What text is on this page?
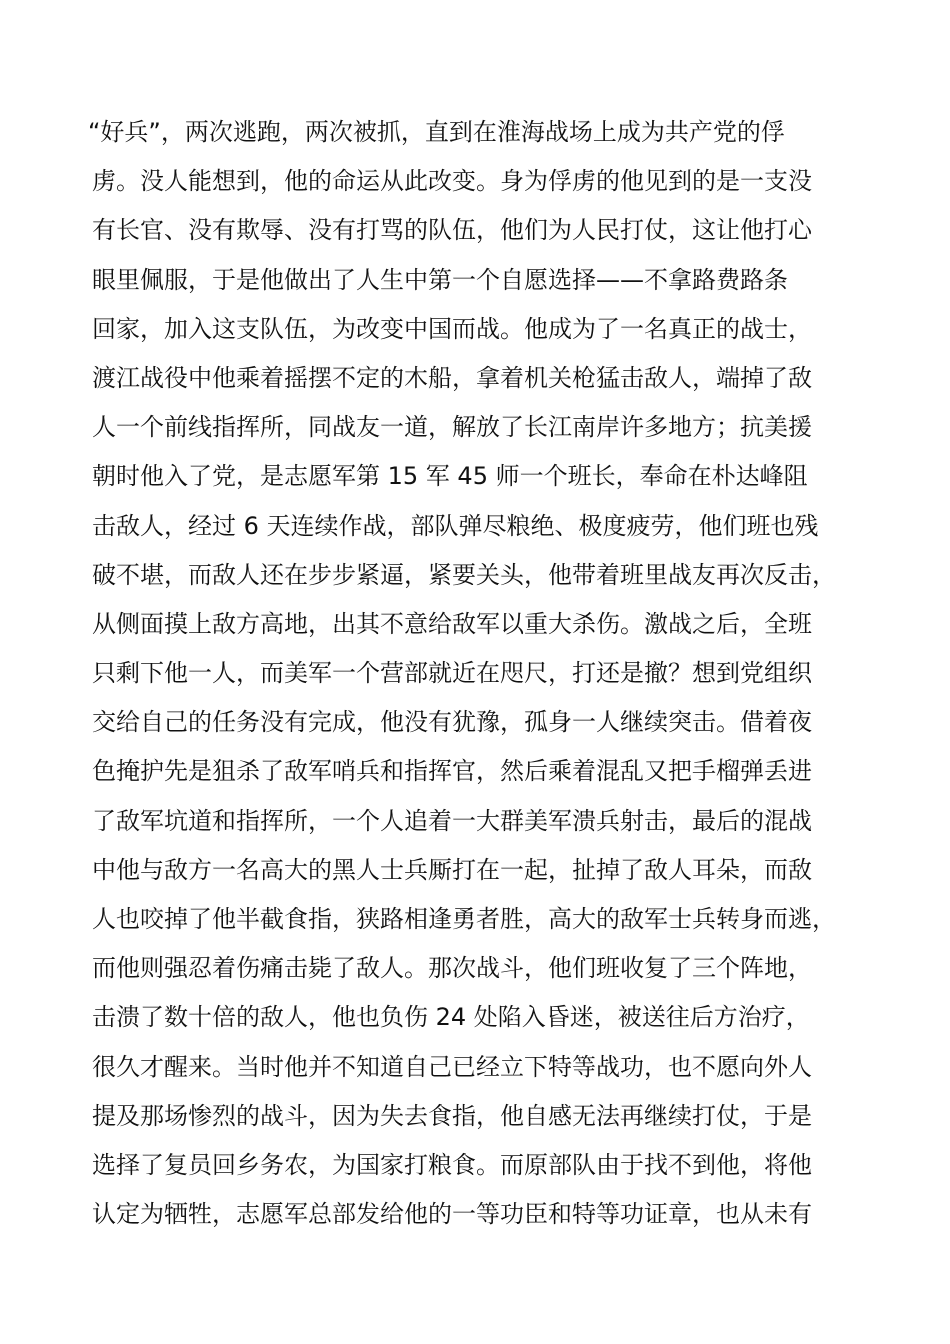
“好兵”，两次逃跑，两次被抓，直到在淮海战场上成为共产党的俘
虏。没人能想到，他的命运从此改变。身为俘虏的他见到的是一支没
有长官、没有欺辱、没有打骂的队伍，他们为人民打仗，这让他打心
眼里佩服，于是他做出了人生中第一个自愿选择——不拿路费路条
回家，加入这支队伍，为改变中国而战。他成为了一名真正的战士，
渡江战役中他乘着摇摆不定的木船，拿着机关枪猛击敌人，端掉了敌
人一个前线指挥所，同战友一道，解放了长江南岸许多地方；抗美援
朝时他入了党，是志愿军第 15 军 45 师一个班长，奉命在朴达峰阻
击敌人，经过 6 天连续作战，部队弹尽粮绝、极度疲劳，他们班也残
破不堪，而敌人还在步步紧逼，紧要关头，他带着班里战友再次反击，
从侧面摸上敌方高地，出其不意给敌军以重大杀伤。激战之后，全班
只剩下他一人，而美军一个营部就近在咫尺，打还是撤？想到党组织
交给自己的任务没有完成，他没有犹豫，孤身一人继续突击。借着夜
色掩护先是狙杀了敌军哨兵和指挥官，然后乘着混乱又把手榴弹丢进
了敌军坑道和指挥所，一个人追着一大群美军溃兵射击，最后的混战
中他与敌方一名高大的黑人士兵厮打在一起，扯掉了敌人耳朵，而敌
人也咬掉了他半截食指，狭路相逢勇者胜，高大的敌军士兵转身而逃，
而他则强忍着伤痛击毙了敌人。那次战斗，他们班收复了三个阵地，
击溃了数十倍的敌人，他也负伤 24 处陷入昏迷，被送往后方治疗，
很久才醒来。当时他并不知道自己已经立下特等战功，也不愿向外人
提及那场惨烈的战斗，因为失去食指，他自感无法再继续打仗，于是
选择了复员回乡务农，为国家打粮食。而原部队由于找不到他，将他
认定为牺牲，志愿军总部发给他的一等功臣和特等功证章，也从未有
